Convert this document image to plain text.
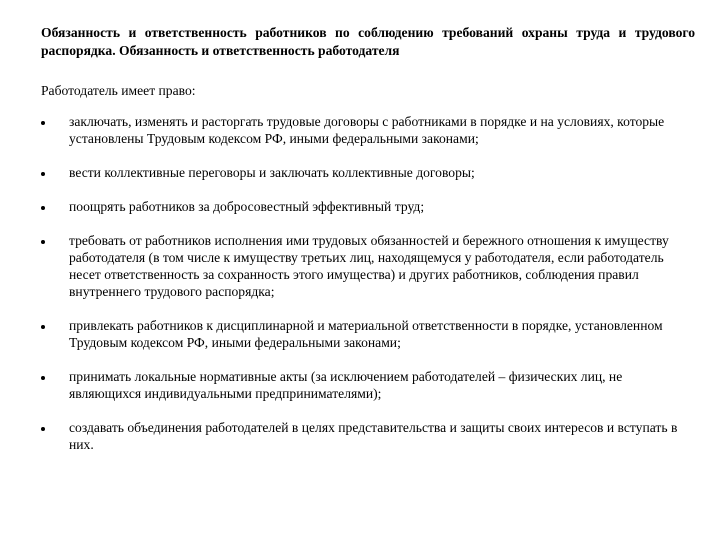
Обязанность и ответственность работников по соблюдению требований охраны труда и трудового распорядка. Обязанность и ответственность работодателя

Работодатель имеет право:

заключать, изменять и расторгать трудовые договоры с работниками в порядке и на условиях, которые установлены Трудовым кодексом РФ, иными федеральными законами;
вести коллективные переговоры и заключать коллективные договоры;
поощрять работников за добросовестный эффективный труд;
требовать от работников исполнения ими трудовых обязанностей и бережного отношения к имуществу работодателя (в том числе к имуществу третьих лиц, находящемуся у работодателя, если работодатель несет ответственность за сохранность этого имущества) и других работников, соблюдения правил внутреннего трудового распорядка;
привлекать работников к дисциплинарной и материальной ответственности в порядке, установленном Трудовым кодексом РФ, иными федеральными законами;
принимать локальные нормативные акты (за исключением работодателей – физических лиц, не являющихся индивидуальными предпринимателями);
создавать объединения работодателей в целях представительства и защиты своих интересов и вступать в них.
